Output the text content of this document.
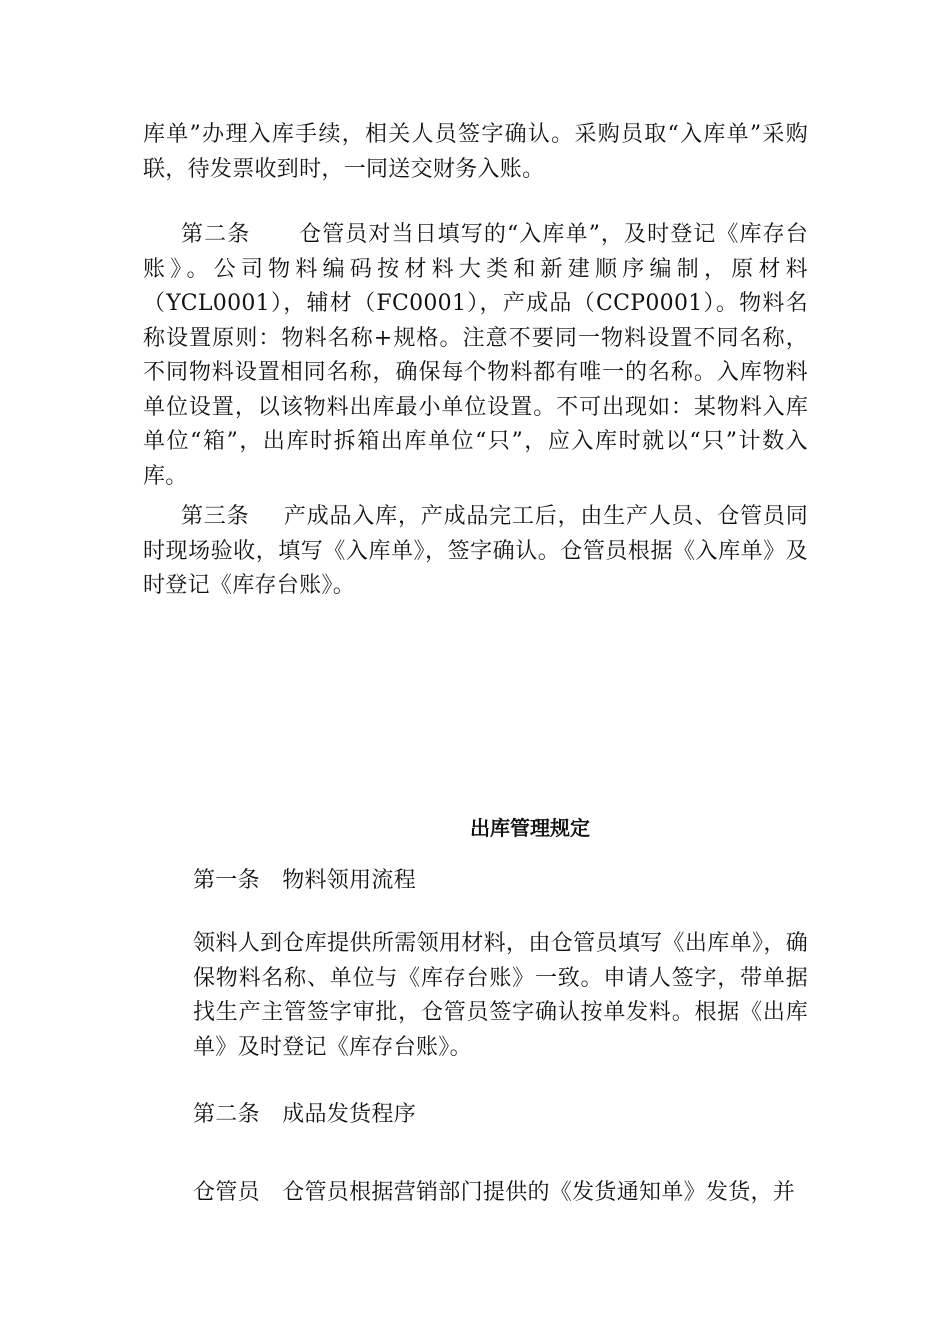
库单”办理入库手续，相关人员签字确认。采购员取“入库单”采购联，待发票收到时，一同送交财务入账。

第二条 仓管员对当日填写的“入库单”，及时登记《库存台账》。公司物料编码按材料大类和新建顺序编制，原材料（YCL0001），辅材（FC0001），产成品（CCP0001）。物料名称设置原则：物料名称+规格。注意不要同一物料设置不同名称，不同物料设置相同名称，确保每个物料都有唯一的名称。入库物料单位设置，以该物料出库最小单位设置。不可出现如：某物料入库单位“箱”，出库时拆箱出库单位“只”，应入库时就以“只”计数入库。

第三条 产成品入库，产成品完工后，由生产人员、仓管员同时现场验收，填写《入库单》，签字确认。仓管员根据《入库单》及时登记《库存台账》。

出库管理规定

第一条　物料领用流程

领料人到仓库提供所需领用材料，由仓管员填写《出库单》，确保物料名称、单位与《库存台账》一致。申请人签字，带单据找生产主管签字审批，仓管员签字确认按单发料。根据《出库单》及时登记《库存台账》。

第二条　成品发货程序

仓管员　仓管员根据营销部门提供的《发货通知单》发货，并
